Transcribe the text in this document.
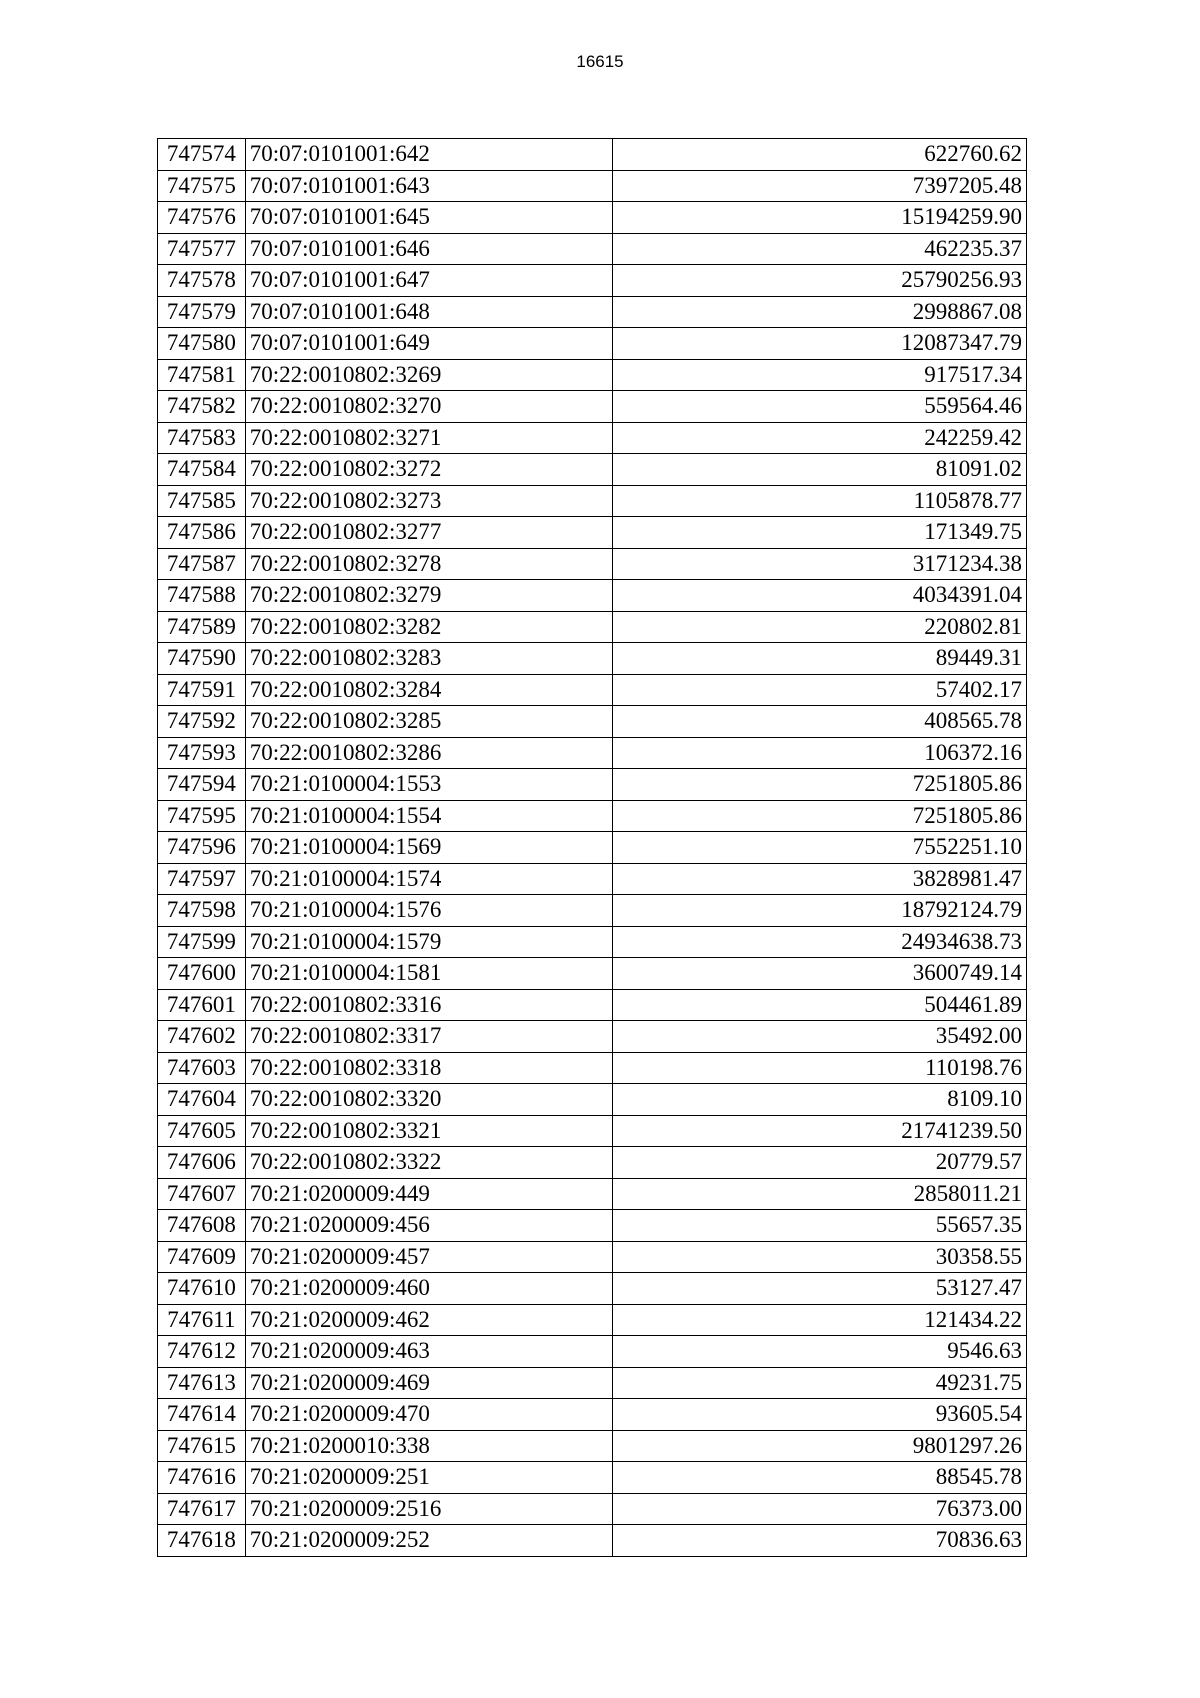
16615
747574	70:07:0101001:642	622760.62
747575	70:07:0101001:643	7397205.48
747576	70:07:0101001:645	15194259.90
747577	70:07:0101001:646	462235.37
747578	70:07:0101001:647	25790256.93
747579	70:07:0101001:648	2998867.08
747580	70:07:0101001:649	12087347.79
747581	70:22:0010802:3269	917517.34
747582	70:22:0010802:3270	559564.46
747583	70:22:0010802:3271	242259.42
747584	70:22:0010802:3272	81091.02
747585	70:22:0010802:3273	1105878.77
747586	70:22:0010802:3277	171349.75
747587	70:22:0010802:3278	3171234.38
747588	70:22:0010802:3279	4034391.04
747589	70:22:0010802:3282	220802.81
747590	70:22:0010802:3283	89449.31
747591	70:22:0010802:3284	57402.17
747592	70:22:0010802:3285	408565.78
747593	70:22:0010802:3286	106372.16
747594	70:21:0100004:1553	7251805.86
747595	70:21:0100004:1554	7251805.86
747596	70:21:0100004:1569	7552251.10
747597	70:21:0100004:1574	3828981.47
747598	70:21:0100004:1576	18792124.79
747599	70:21:0100004:1579	24934638.73
747600	70:21:0100004:1581	3600749.14
747601	70:22:0010802:3316	504461.89
747602	70:22:0010802:3317	35492.00
747603	70:22:0010802:3318	110198.76
747604	70:22:0010802:3320	8109.10
747605	70:22:0010802:3321	21741239.50
747606	70:22:0010802:3322	20779.57
747607	70:21:0200009:449	2858011.21
747608	70:21:0200009:456	55657.35
747609	70:21:0200009:457	30358.55
747610	70:21:0200009:460	53127.47
747611	70:21:0200009:462	121434.22
747612	70:21:0200009:463	9546.63
747613	70:21:0200009:469	49231.75
747614	70:21:0200009:470	93605.54
747615	70:21:0200010:338	9801297.26
747616	70:21:0200009:251	88545.78
747617	70:21:0200009:2516	76373.00
747618	70:21:0200009:252	70836.63
